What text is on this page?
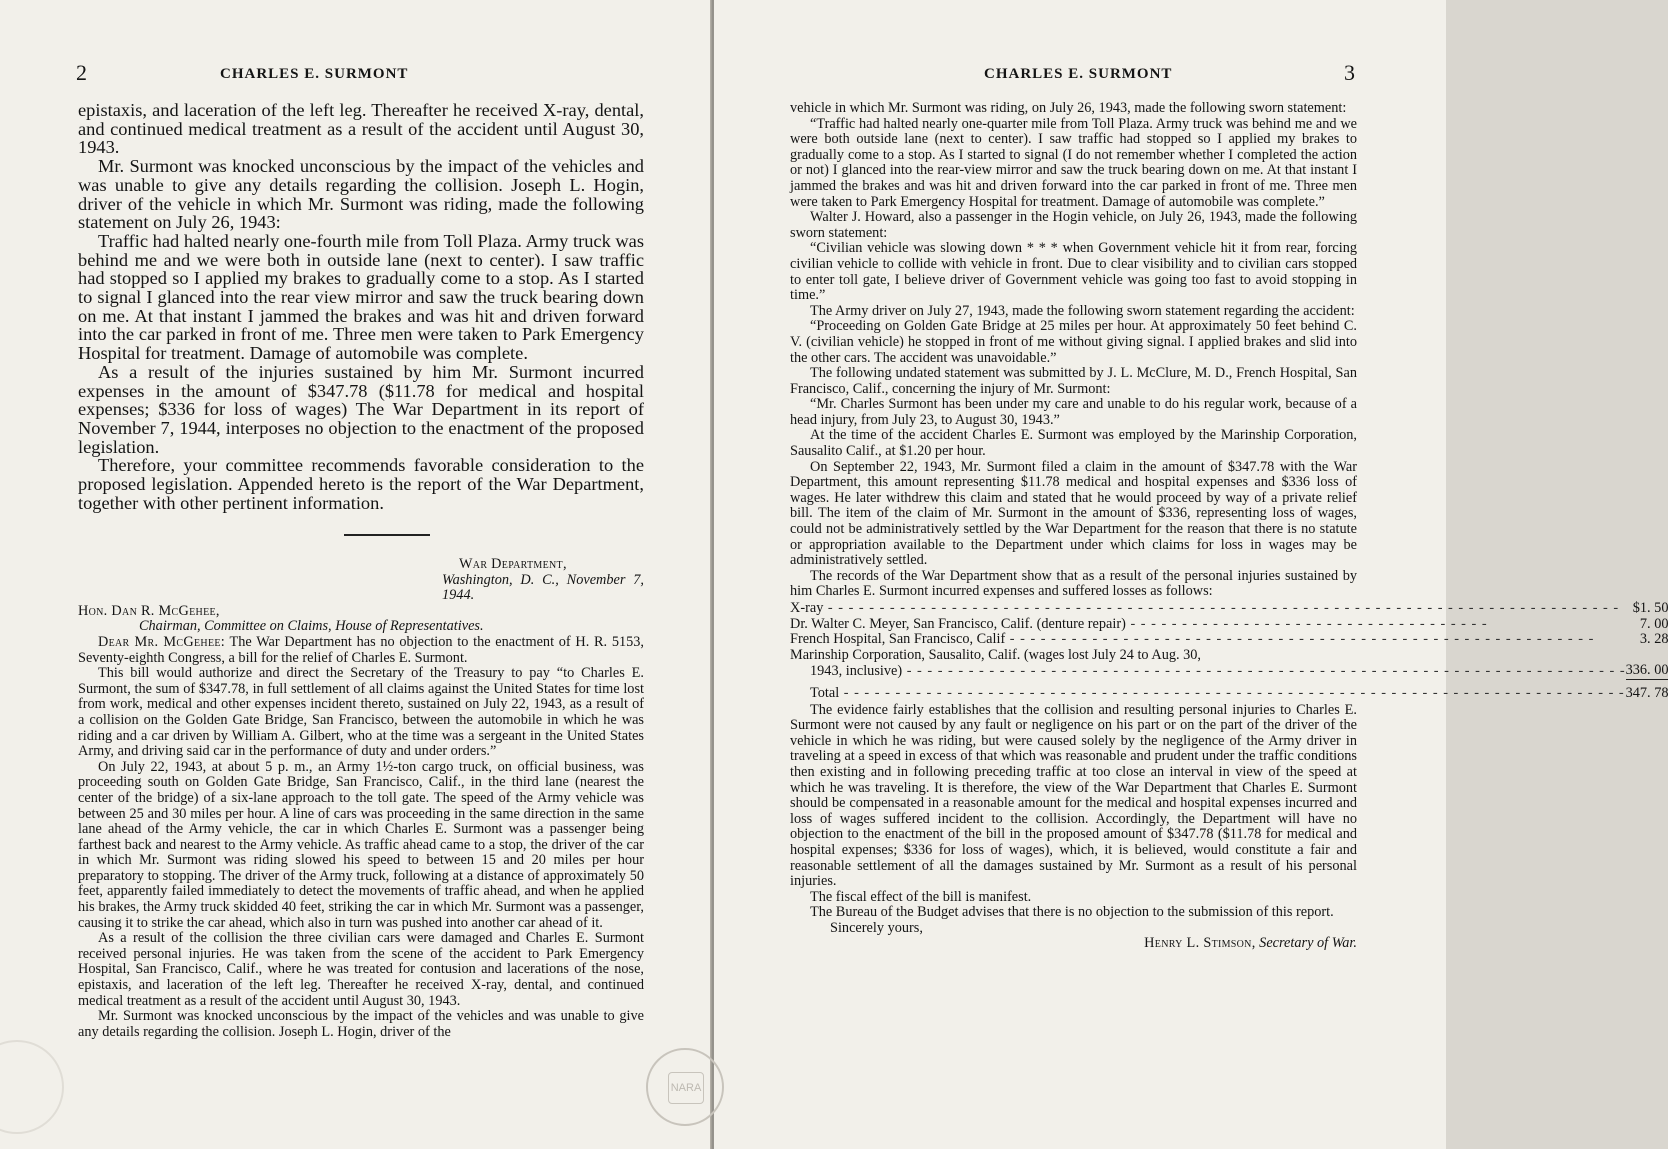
2	CHARLES E. SURMONT

epistaxis, and laceration of the left leg. Thereafter he received X-ray, dental, and continued medical treatment as a result of the accident until August 30, 1943.

Mr. Surmont was knocked unconscious by the impact of the vehicles and was unable to give any details regarding the collision. Joseph L. Hogin, driver of the vehicle in which Mr. Surmont was riding, made the following statement on July 26, 1943:

Traffic had halted nearly one-fourth mile from Toll Plaza. Army truck was behind me and we were both in outside lane (next to center). I saw traffic had stopped so I applied my brakes to gradually come to a stop. As I started to signal I glanced into the rear view mirror and saw the truck bearing down on me. At that instant I jammed the brakes and was hit and driven forward into the car parked in front of me. Three men were taken to Park Emergency Hospital for treatment. Damage of automobile was complete.

As a result of the injuries sustained by him Mr. Surmont incurred expenses in the amount of $347.78 ($11.78 for medical and hospital expenses; $336 for loss of wages) The War Department in its report of November 7, 1944, interposes no objection to the enactment of the proposed legislation.

Therefore, your committee recommends favorable consideration to the proposed legislation. Appended hereto is the report of the War Department, together with other pertinent information.

War Department,

Washington, D. C., November 7, 1944.

Hon. Dan R. McGehee,

Chairman, Committee on Claims, House of Representatives.

Dear Mr. McGehee: The War Department has no objection to the enactment of H. R. 5153, Seventy-eighth Congress, a bill for the relief of Charles E. Surmont.

This bill would authorize and direct the Secretary of the Treasury to pay “to Charles E. Surmont, the sum of $347.78, in full settlement of all claims against the United States for time lost from work, medical and other expenses incident thereto, sustained on July 22, 1943, as a result of a collision on the Golden Gate Bridge, San Francisco, between the automobile in which he was riding and a car driven by William A. Gilbert, who at the time was a sergeant in the United States Army, and driving said car in the performance of duty and under orders.”

On July 22, 1943, at about 5 p. m., an Army 1½-ton cargo truck, on official business, was proceeding south on Golden Gate Bridge, San Francisco, Calif., in the third lane (nearest the center of the bridge) of a six-lane approach to the toll gate. The speed of the Army vehicle was between 25 and 30 miles per hour. A line of cars was proceeding in the same direction in the same lane ahead of the Army vehicle, the car in which Charles E. Surmont was a passenger being farthest back and nearest to the Army vehicle. As traffic ahead came to a stop, the driver of the car in which Mr. Surmont was riding slowed his speed to between 15 and 20 miles per hour preparatory to stopping. The driver of the Army truck, following at a distance of approximately 50 feet, apparently failed immediately to detect the movements of traffic ahead, and when he applied his brakes, the Army truck skidded 40 feet, striking the car in which Mr. Surmont was a passenger, causing it to strike the car ahead, which also in turn was pushed into another car ahead of it.

As a result of the collision the three civilian cars were damaged and Charles E. Surmont received personal injuries. He was taken from the scene of the accident to Park Emergency Hospital, San Francisco, Calif., where he was treated for contusion and lacerations of the nose, epistaxis, and laceration of the left leg. Thereafter he received X-ray, dental, and continued medical treatment as a result of the accident until August 30, 1943.

Mr. Surmont was knocked unconscious by the impact of the vehicles and was unable to give any details regarding the collision. Joseph L. Hogin, driver of the

CHARLES E. SURMONT	3

vehicle in which Mr. Surmont was riding, on July 26, 1943, made the following sworn statement:

“Traffic had halted nearly one-quarter mile from Toll Plaza. Army truck was behind me and we were both outside lane (next to center). I saw traffic had stopped so I applied my brakes to gradually come to a stop. As I started to signal (I do not remember whether I completed the action or not) I glanced into the rear-view mirror and saw the truck bearing down on me. At that instant I jammed the brakes and was hit and driven forward into the car parked in front of me. Three men were taken to Park Emergency Hospital for treatment. Damage of automobile was complete.”

Walter J. Howard, also a passenger in the Hogin vehicle, on July 26, 1943, made the following sworn statement:

“Civilian vehicle was slowing down * * * when Government vehicle hit it from rear, forcing civilian vehicle to collide with vehicle in front. Due to clear visibility and to civilian cars stopped to enter toll gate, I believe driver of Government vehicle was going too fast to avoid stopping in time.”

The Army driver on July 27, 1943, made the following sworn statement regarding the accident:

“Proceeding on Golden Gate Bridge at 25 miles per hour. At approximately 50 feet behind C. V. (civilian vehicle) he stopped in front of me without giving signal. I applied brakes and slid into the other cars. The accident was unavoidable.”

The following undated statement was submitted by J. L. McClure, M. D., French Hospital, San Francisco, Calif., concerning the injury of Mr. Surmont:

“Mr. Charles Surmont has been under my care and unable to do his regular work, because of a head injury, from July 23, to August 30, 1943.”

At the time of the accident Charles E. Surmont was employed by the Marinship Corporation, Sausalito Calif., at $1.20 per hour.

On September 22, 1943, Mr. Surmont filed a claim in the amount of $347.78 with the War Department, this amount representing $11.78 medical and hospital expenses and $336 loss of wages. He later withdrew this claim and stated that he would proceed by way of a private relief bill. The item of the claim of Mr. Surmont in the amount of $336, representing loss of wages, could not be administratively settled by the War Department for the reason that there is no statute or appropriation available to the Department under which claims for loss in wages may be administratively settled.

The records of the War Department show that as a result of the personal injuries sustained by him Charles E. Surmont incurred expenses and suffered losses as follows:

X-ray - - - - - - - - - - - - - - - - - - - - - - - - - - - - - - - - - - - - - - - - - - - - - - - - - - - - - - - - - - - - - - - - - - - - - - - - - - - - -	$1. 50
Dr. Walter C. Meyer, San Francisco, Calif. (denture repair) - - - - - - - - - - - - - - - - - - - - - - - - - - - - - - - - - - -	7. 00
French Hospital, San Francisco, Calif - - - - - - - - - - - - - - - - - - - - - - - - - - - - - - - - - - - - - - - - - - - - - - - - - - - - - - - - -	3. 28
Marinship Corporation, Sausalito, Calif. (wages lost July 24 to Aug. 30,	
1943, inclusive) - - - - - - - - - - - - - - - - - - - - - - - - - - - - - - - - - - - - - - - - - - - - - - - - - - - - - - - - - - - - - - - - - - - - - -	336. 00
Total - - - - - - - - - - - - - - - - - - - - - - - - - - - - - - - - - - - - - - - - - - - - - - - - - - - - - - - - - - - - - - - - - - - - - - - - - - - -	347. 78

The evidence fairly establishes that the collision and resulting personal injuries to Charles E. Surmont were not caused by any fault or negligence on his part or on the part of the driver of the vehicle in which he was riding, but were caused solely by the negligence of the Army driver in traveling at a speed in excess of that which was reasonable and prudent under the traffic conditions then existing and in following preceding traffic at too close an interval in view of the speed at which he was traveling. It is therefore, the view of the War Department that Charles E. Surmont should be compensated in a reasonable amount for the medical and hospital expenses incurred and loss of wages suffered incident to the collision. Accordingly, the Department will have no objection to the enactment of the bill in the proposed amount of $347.78 ($11.78 for medical and hospital expenses; $336 for loss of wages), which, it is believed, would constitute a fair and reasonable settlement of all the damages sustained by Mr. Surmont as a result of his personal injuries.

The fiscal effect of the bill is manifest.

The Bureau of the Budget advises that there is no objection to the submission of this report.

Sincerely yours,

Henry L. Stimson, Secretary of War.

NARA
